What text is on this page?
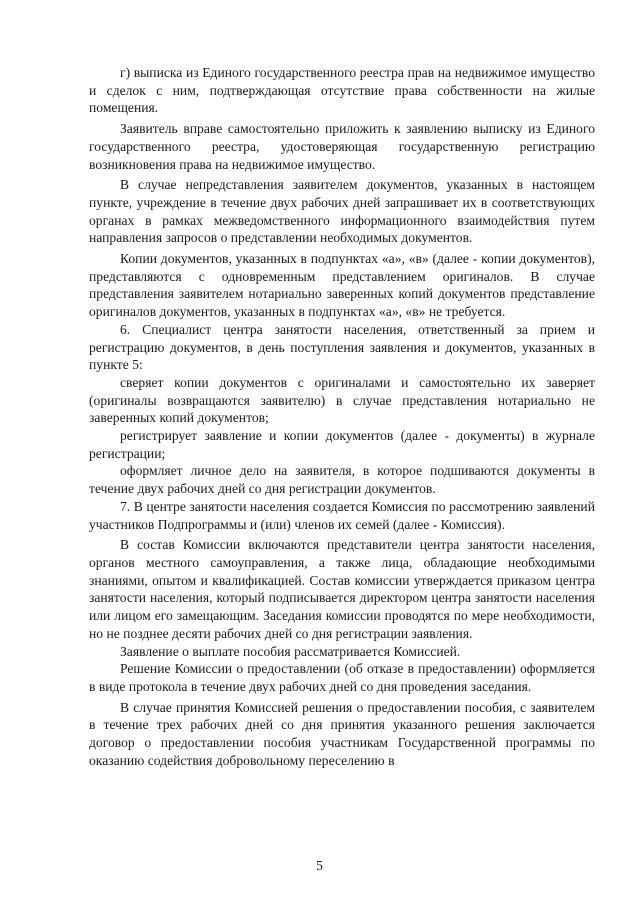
г) выписка из Единого государственного реестра прав на недвижимое имущество и сделок с ним, подтверждающая отсутствие права собственности на жилые помещения.

Заявитель вправе самостоятельно приложить к заявлению выписку из Единого государственного реестра, удостоверяющая государственную регистрацию возникновения права на недвижимое имущество.

В случае непредставления заявителем документов, указанных в настоящем пункте, учреждение в течение двух рабочих дней запрашивает их в соответствующих органах в рамках межведомственного информационного взаимодействия путем направления запросов о представлении необходимых документов.

Копии документов, указанных в подпунктах «а», «в» (далее - копии документов), представляются с одновременным представлением оригиналов. В случае представления заявителем нотариально заверенных копий документов представление оригиналов документов, указанных в подпунктах «а», «в» не требуется.

6. Специалист центра занятости населения, ответственный за прием и регистрацию документов, в день поступления заявления и документов, указанных в пункте 5:

сверяет копии документов с оригиналами и самостоятельно их заверяет (оригиналы возвращаются заявителю) в случае представления нотариально не заверенных копий документов;

регистрирует заявление и копии документов (далее - документы) в журнале регистрации;

оформляет личное дело на заявителя, в которое подшиваются документы в течение двух рабочих дней со дня регистрации документов.

7. В центре занятости населения создается Комиссия по рассмотрению заявлений участников Подпрограммы и (или) членов их семей (далее - Комиссия).

В состав Комиссии включаются представители центра занятости населения, органов местного самоуправления, а также лица, обладающие необходимыми знаниями, опытом и квалификацией. Состав комиссии утверждается приказом центра занятости населения, который подписывается директором центра занятости населения или лицом его замещающим. Заседания комиссии проводятся по мере необходимости, но не позднее десяти рабочих дней со дня регистрации заявления.

Заявление о выплате пособия рассматривается Комиссией.

Решение Комиссии о предоставлении (об отказе в предоставлении) оформляется в виде протокола в течение двух рабочих дней со дня проведения заседания.

В случае принятия Комиссией решения о предоставлении пособия, с заявителем в течение трех рабочих дней со дня принятия указанного решения заключается договор о предоставлении пособия участникам Государственной программы по оказанию содействия добровольному переселению в

5
